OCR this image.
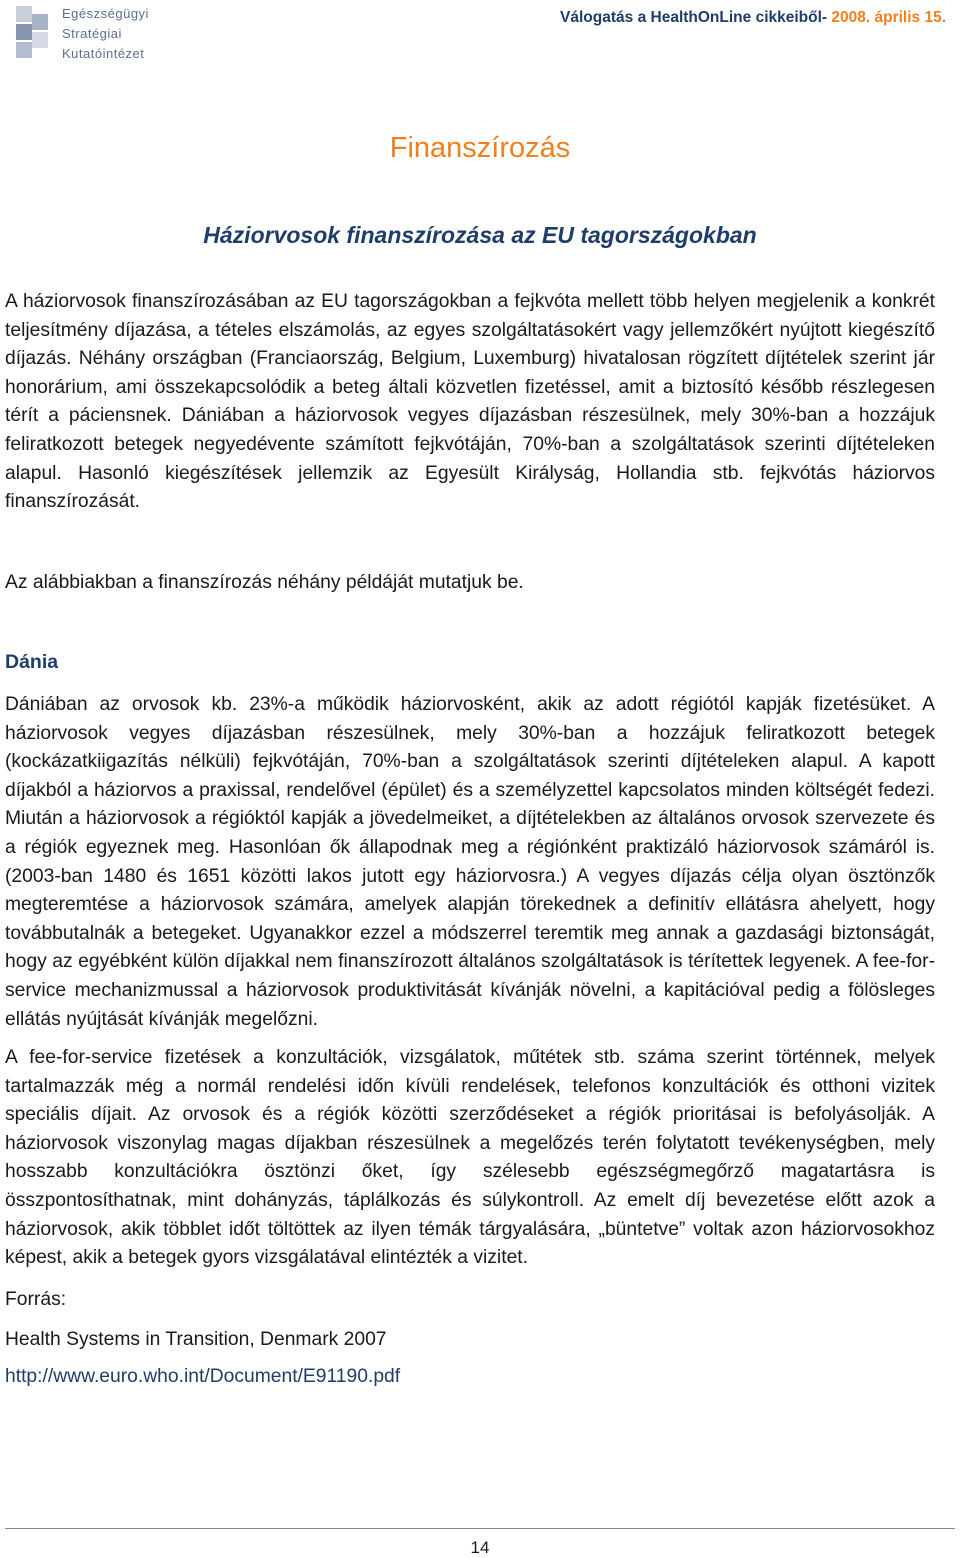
Egészségügyi
Stratégiai
Kutatóintézet
Válogatás a HealthOnLine cikkeiből- 2008. április 15.
Finanszírozás
Háziorvosok finanszírozása az EU tagországokban
A háziorvosok finanszírozásában az EU tagországokban a fejkvóta mellett több helyen megjelenik a konkrét teljesítmény díjazása, a tételes elszámolás, az egyes szolgáltatásokért vagy jellemzőkért nyújtott kiegészítő díjazás. Néhány országban (Franciaország, Belgium, Luxemburg) hivatalosan rögzített díjtételek szerint jár honorárium, ami összekapcsolódik a beteg általi közvetlen fizetéssel, amit a biztosító később részlegesen térít a páciensnek. Dániában a háziorvosok vegyes díjazásban részesülnek, mely 30%-ban a hozzájuk feliratkozott betegek negyedévente számított fejkvótáján, 70%-ban a szolgáltatások szerinti díjtételeken alapul. Hasonló kiegészítések jellemzik az Egyesült Királyság, Hollandia stb. fejkvótás háziorvos finanszírozását.
Az alábbiakban a finanszírozás néhány példáját mutatjuk be.
Dánia
Dániában az orvosok kb. 23%-a működik háziorvosként, akik az adott régiótól kapják fizetésüket. A háziorvosok vegyes díjazásban részesülnek, mely 30%-ban a hozzájuk feliratkozott betegek (kockázatkiigazítás nélküli) fejkvótáján, 70%-ban a szolgáltatások szerinti díjtételeken alapul. A kapott díjakból a háziorvos a praxissal, rendelővel (épület) és a személyzettel kapcsolatos minden költségét fedezi. Miután a háziorvosok a régióktól kapják a jövedelmeiket, a díjtételekben az általános orvosok szervezete és a régiók egyeznek meg. Hasonlóan ők állapodnak meg a régiónként praktizáló háziorvosok számáról is. (2003-ban 1480 és 1651 közötti lakos jutott egy háziorvosra.) A vegyes díjazás célja olyan ösztönzők megteremtése a háziorvosok számára, amelyek alapján törekednek a definitív ellátásra ahelyett, hogy továbbutalnák a betegeket. Ugyanakkor ezzel a módszerrel teremtik meg annak a gazdasági biztonságát, hogy az egyébként külön díjakkal nem finanszírozott általános szolgáltatások is térítettek legyenek. A fee-for-service mechanizmussal a háziorvosok produktivitását kívánják növelni, a kapitációval pedig a fölösleges ellátás nyújtását kívánják megelőzni.
A fee-for-service fizetések a konzultációk, vizsgálatok, műtétek stb. száma szerint történnek, melyek tartalmazzák még a normál rendelési időn kívüli rendelések, telefonos konzultációk és otthoni vizitek speciális díjait. Az orvosok és a régiók közötti szerződéseket a régiók prioritásai is befolyásolják. A háziorvosok viszonylag magas díjakban részesülnek a megelőzés terén folytatott tevékenységben, mely hosszabb konzultációkra ösztönzi őket, így szélesebb egészségmegőrző magatartásra is összpontosíthatnak, mint dohányzás, táplálkozás és súlykontroll. Az emelt díj bevezetése előtt azok a háziorvosok, akik többlet időt töltöttek az ilyen témák tárgyalására, „büntetve” voltak azon háziorvosokhoz képest, akik a betegek gyors vizsgálatával elintézték a vizitet.
Forrás:
Health Systems in Transition, Denmark 2007
http://www.euro.who.int/Document/E91190.pdf
14
